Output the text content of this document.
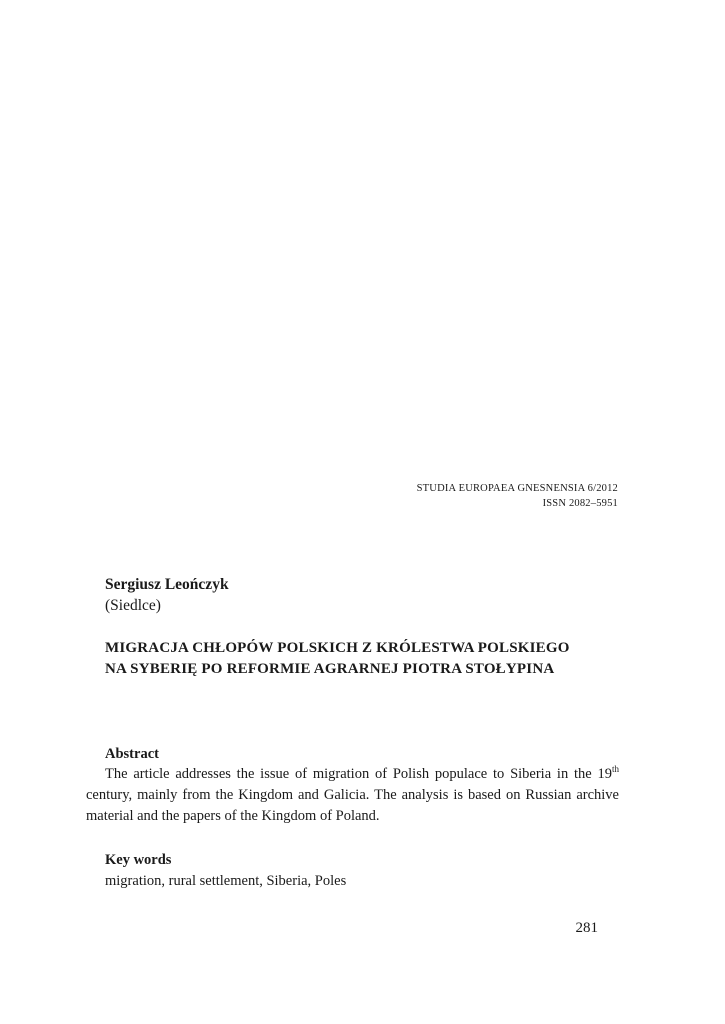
STUDIA EUROPAEA GNESNENSIA 6/2012
ISSN 2082–5951
Sergiusz Leończyk
(Siedlce)
MIGRACJA CHŁOPÓW POLSKICH Z KRÓLESTWA POLSKIEGO
NA SYBERIĘ PO REFORMIE AGRARNEJ PIOTRA STOŁYPINA
Abstract
The article addresses the issue of migration of Polish populace to Siberia in the 19th century, mainly from the Kingdom and Galicia. The analysis is based on Russian archive material and the papers of the Kingdom of Poland.
Key words
migration, rural settlement, Siberia, Poles
281
